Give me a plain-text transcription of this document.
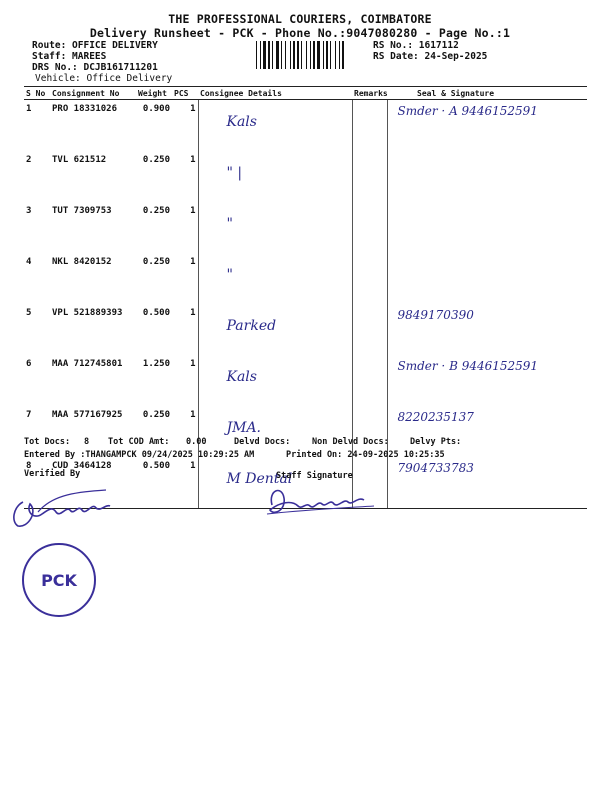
THE PROFESSIONAL COURIERS, COIMBATORE
Delivery Runsheet - PCK - Phone No.:9047080280 - Page No.:1
Route: OFFICE DELIVERY
Staff: MAREES
DRS No.: DCJB161711201
Vehicle: Office Delivery
RS No.: 1617112
RS Date: 24-Sep-2025
S No	Consignment No	Weight	PCS	Consignee Details	Remarks	Seal & Signature
1	PRO 18331026	0.900	1	Kals		Smder · A 9446152591
2	TVL 621512	0.250	1	" |		
3	TUT 7309753	0.250	1	"		
4	NKL 8420152	0.250	1	"		
5	VPL 521889393	0.500	1	Parked		9849170390
6	MAA 712745801	1.250	1	Kals		Smder · B 9446152591
7	MAA 577167925	0.250	1	JMA.		8220235137
8	CUD 3464128	0.500	1	M Dental		7904733783
Tot Docs: 8 Tot COD Amt: 0.00	Delvd Docs:	Non Delvd Docs: Delvy Pts:
Entered By :THANGAMPCK 09/24/2025 10:29:25 AM	Printed On: 24-09-2025 10:25:35
Verified By	Staff Signature
PCK
